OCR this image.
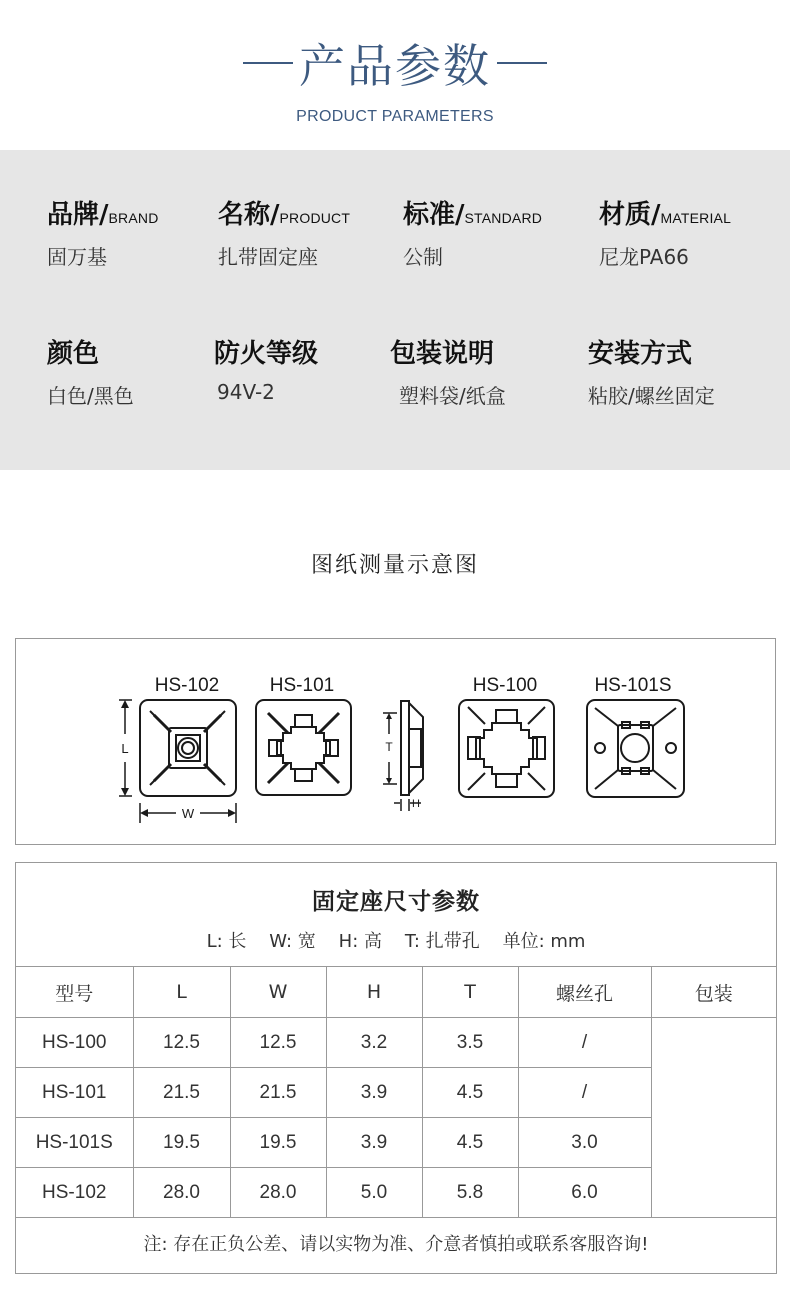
产品参数
PRODUCT PARAMETERS
品牌/BRAND
固万基
名称/PRODUCT
扎带固定座
标准/STANDARD
公制
材质/MATERIAL
尼龙PA66
颜色
白色/黑色
防火等级
94V-2
包装说明
塑料袋/纸盒
安装方式
粘胶/螺丝固定
图纸测量示意图
HS-102	HS-101	HS-100	HS-101S
L
W
T
H
固定座尺寸参数
L: 长    W: 宽    H: 高    T: 扎带孔    单位: mm
型号	L	W	H	T	螺丝孔	包装
HS-100	12.5	12.5	3.2	3.5	/	
HS-101	21.5	21.5	3.9	4.5	/	
HS-101S	19.5	19.5	3.9	4.5	3.0	
HS-102	28.0	28.0	5.0	5.8	6.0	
注: 存在正负公差、请以实物为准、介意者慎拍或联系客服咨询!
